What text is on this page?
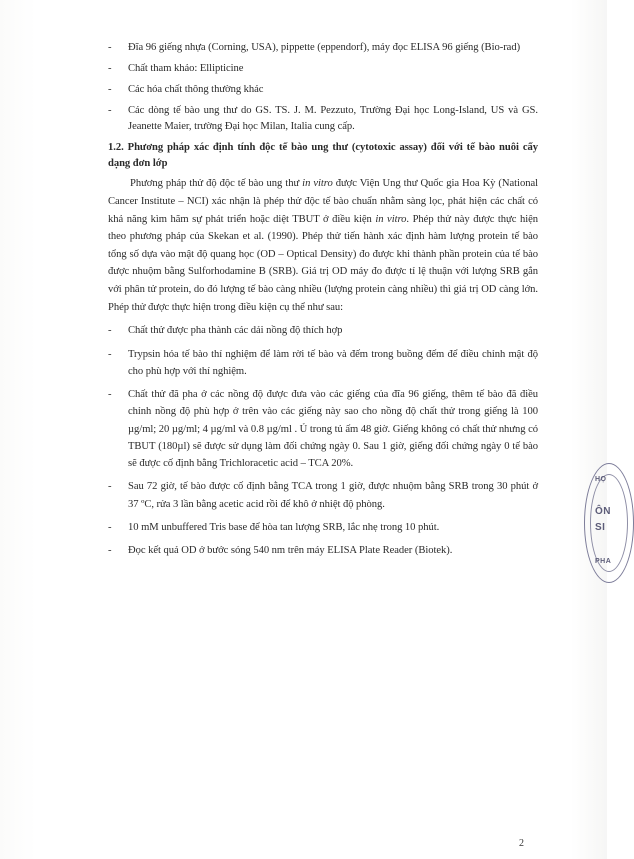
- Đĩa 96 giếng nhựa (Corning, USA), pippette (eppendorf), máy đọc ELISA 96 giếng (Bio-rad)
- Chất tham khảo: Ellipticine
- Các hóa chất thông thường khác
- Các dòng tế bào ung thư do GS. TS. J. M. Pezzuto, Trường Đại học Long-Island, US và GS. Jeanette Maier, trường Đại học Milan, Italia cung cấp.
1.2. Phương pháp xác định tính độc tế bào ung thư (cytotoxic assay) đối với tế bào nuôi cấy dạng đơn lớp

Phương pháp thử độ độc tế bào ung thư in vitro được Viện Ung thư Quốc gia Hoa Kỳ (National Cancer Institute – NCI) xác nhận là phép thử độc tế bào chuẩn nhằm sàng lọc, phát hiện các chất có khả năng kìm hãm sự phát triển hoặc diệt TBUT ở điều kiện in vitro. Phép thử này được thực hiện theo phương pháp của Skekan et al. (1990). Phép thử tiến hành xác định hàm lượng protein tế bào tổng số dựa vào mật độ quang học (OD – Optical Density) đo được khi thành phần protein của tế bào được nhuộm bằng Sulforhodamine B (SRB). Giá trị OD máy đo được tỉ lệ thuận với lượng SRB gắn với phân tử protein, do đó lượng tế bào càng nhiều (lượng protein càng nhiều) thì giá trị OD càng lớn. Phép thử được thực hiện trong điều kiện cụ thể như sau:

- Chất thử được pha thành các dải nồng độ thích hợp
- Trypsin hóa tế bào thí nghiệm để làm rời tế bào và đếm trong buồng đếm để điều chỉnh mật độ cho phù hợp với thí nghiệm.
- Chất thử đã pha ở các nồng độ được đưa vào các giếng của đĩa 96 giếng, thêm tế bào đã điều chỉnh nồng độ phù hợp ở trên vào các giếng này sao cho nồng độ chất thử trong giếng là 100 µg/ml; 20 µg/ml; 4 µg/ml và 0.8 µg/ml . Ủ trong tủ ấm 48 giờ. Giếng không có chất thử nhưng có TBUT (180µl) sẽ được sử dụng làm đối chứng ngày 0. Sau 1 giờ, giếng đối chứng ngày 0 tế bào sẽ được cố định bằng Trichloracetic acid – TCA 20%.
- Sau 72 giờ, tế bào được cố định bằng TCA trong 1 giờ, được nhuộm bằng SRB trong 30 phút ở 37 ºC, rửa 3 lần bằng acetic acid rồi để khô ở nhiệt độ phòng.
- 10 mM unbuffered Tris base để hòa tan lượng SRB, lắc nhẹ trong 10 phút.
- Đọc kết quả OD ở bước sóng 540 nm trên máy ELISA Plate Reader (Biotek).
2
HỌ
ÔN
SI
PHA
